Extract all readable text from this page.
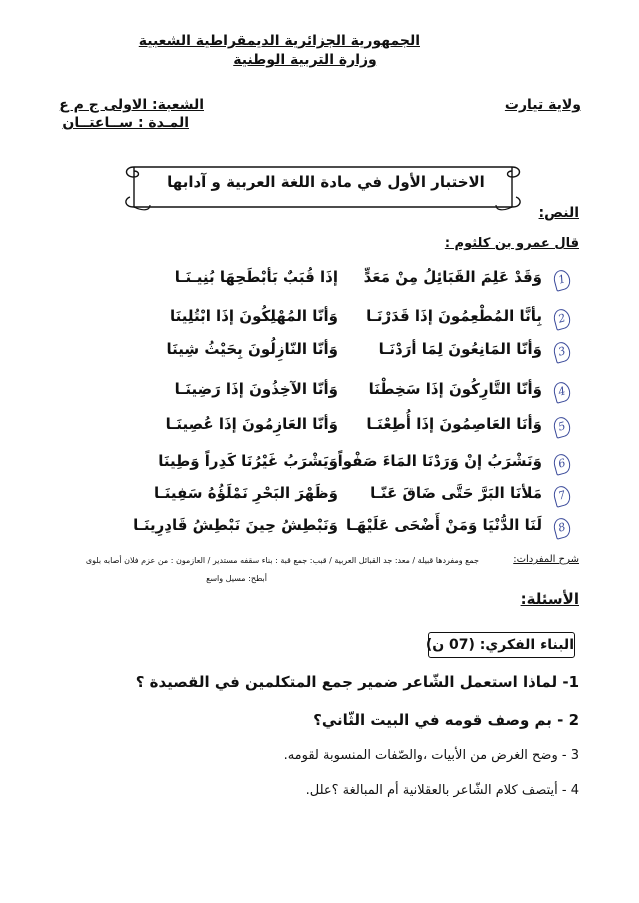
الجمهورية الجزائرية الديمقراطية الشعبية
وزارة التربية الوطنية
الشعبة: الاولى ج م ع
المـدة : ســاعتــان
ولاية تيارت
الاختبار الأول في مادة اللغة العربية و آدابها
النص:
قال عمرو بن كلثوم :
1
وَقَدْ عَلِمَ القَبَائِلُ مِنْ مَعَدٍّ
إذَا قُبَبٌ بَأبْطَحِهَا بُنِيـنَـا
2
بِأنَّا المُطْعِمُونَ إذَا قَدَرْنَـا
وَأنّا المُهْلِكُونَ إذَا ابْتُلِينَا
3
وَأنّا المَانِعُونَ لِمَا أرَدْنَـا
وَأنّا النّازِلُونَ بِحَيْثُ شِينَا
4
وَأنّا التَّارِكُونَ إذَا سَخِطْنَا
وَأنّا الآخِذُونَ إذَا رَضِينَـا
5
وَأنَا العَاصِمُونَ إذَا أُطِعْنَـا
وَأنّا العَازِمُونَ إذَا عُصِينَـا
6
وَنَشْرَبُ إنْ وَرَدْنَا المَاءَ صَفْواً
وَيَشْرَبُ غَيْرُنَا كَدِراً وَطِينَا
7
مَلأنَا البَرَّ حَتَّى ضَاقَ عَنّـا
وَظَهْرَ البَحْرِ نَمْلَؤُهُ سَفِينَـا
8
لَنَا الدُّنْيَا وَمَنْ أَضْحَى عَلَيْهَـا
وَنَبْطِشُ حِينَ نَبْطِشُ قَادِرِينَـا
شرح المفردات:
جمع ومفردها قبيلة / معد: جد القبائل العربية / قبب: جمع قبة : بناء سقفه مستدير / العازمون : من عزم فلان أصابه بلوى
أبطح: مسيل واسع
الأسئلة:
البناء الفكري: (07 ن)
1- لماذا استعمل الشّاعر ضمير جمع المتكلمين في القصيدة ؟
2 - بم وصف قومه في البيت الثّاني؟
3 - وضح الغرض من الأبيات ،والصّفات المنسوبة لقومه.
4 - أيتصف كلام الشّاعر بالعقلانية أم المبالغة ؟علل.
